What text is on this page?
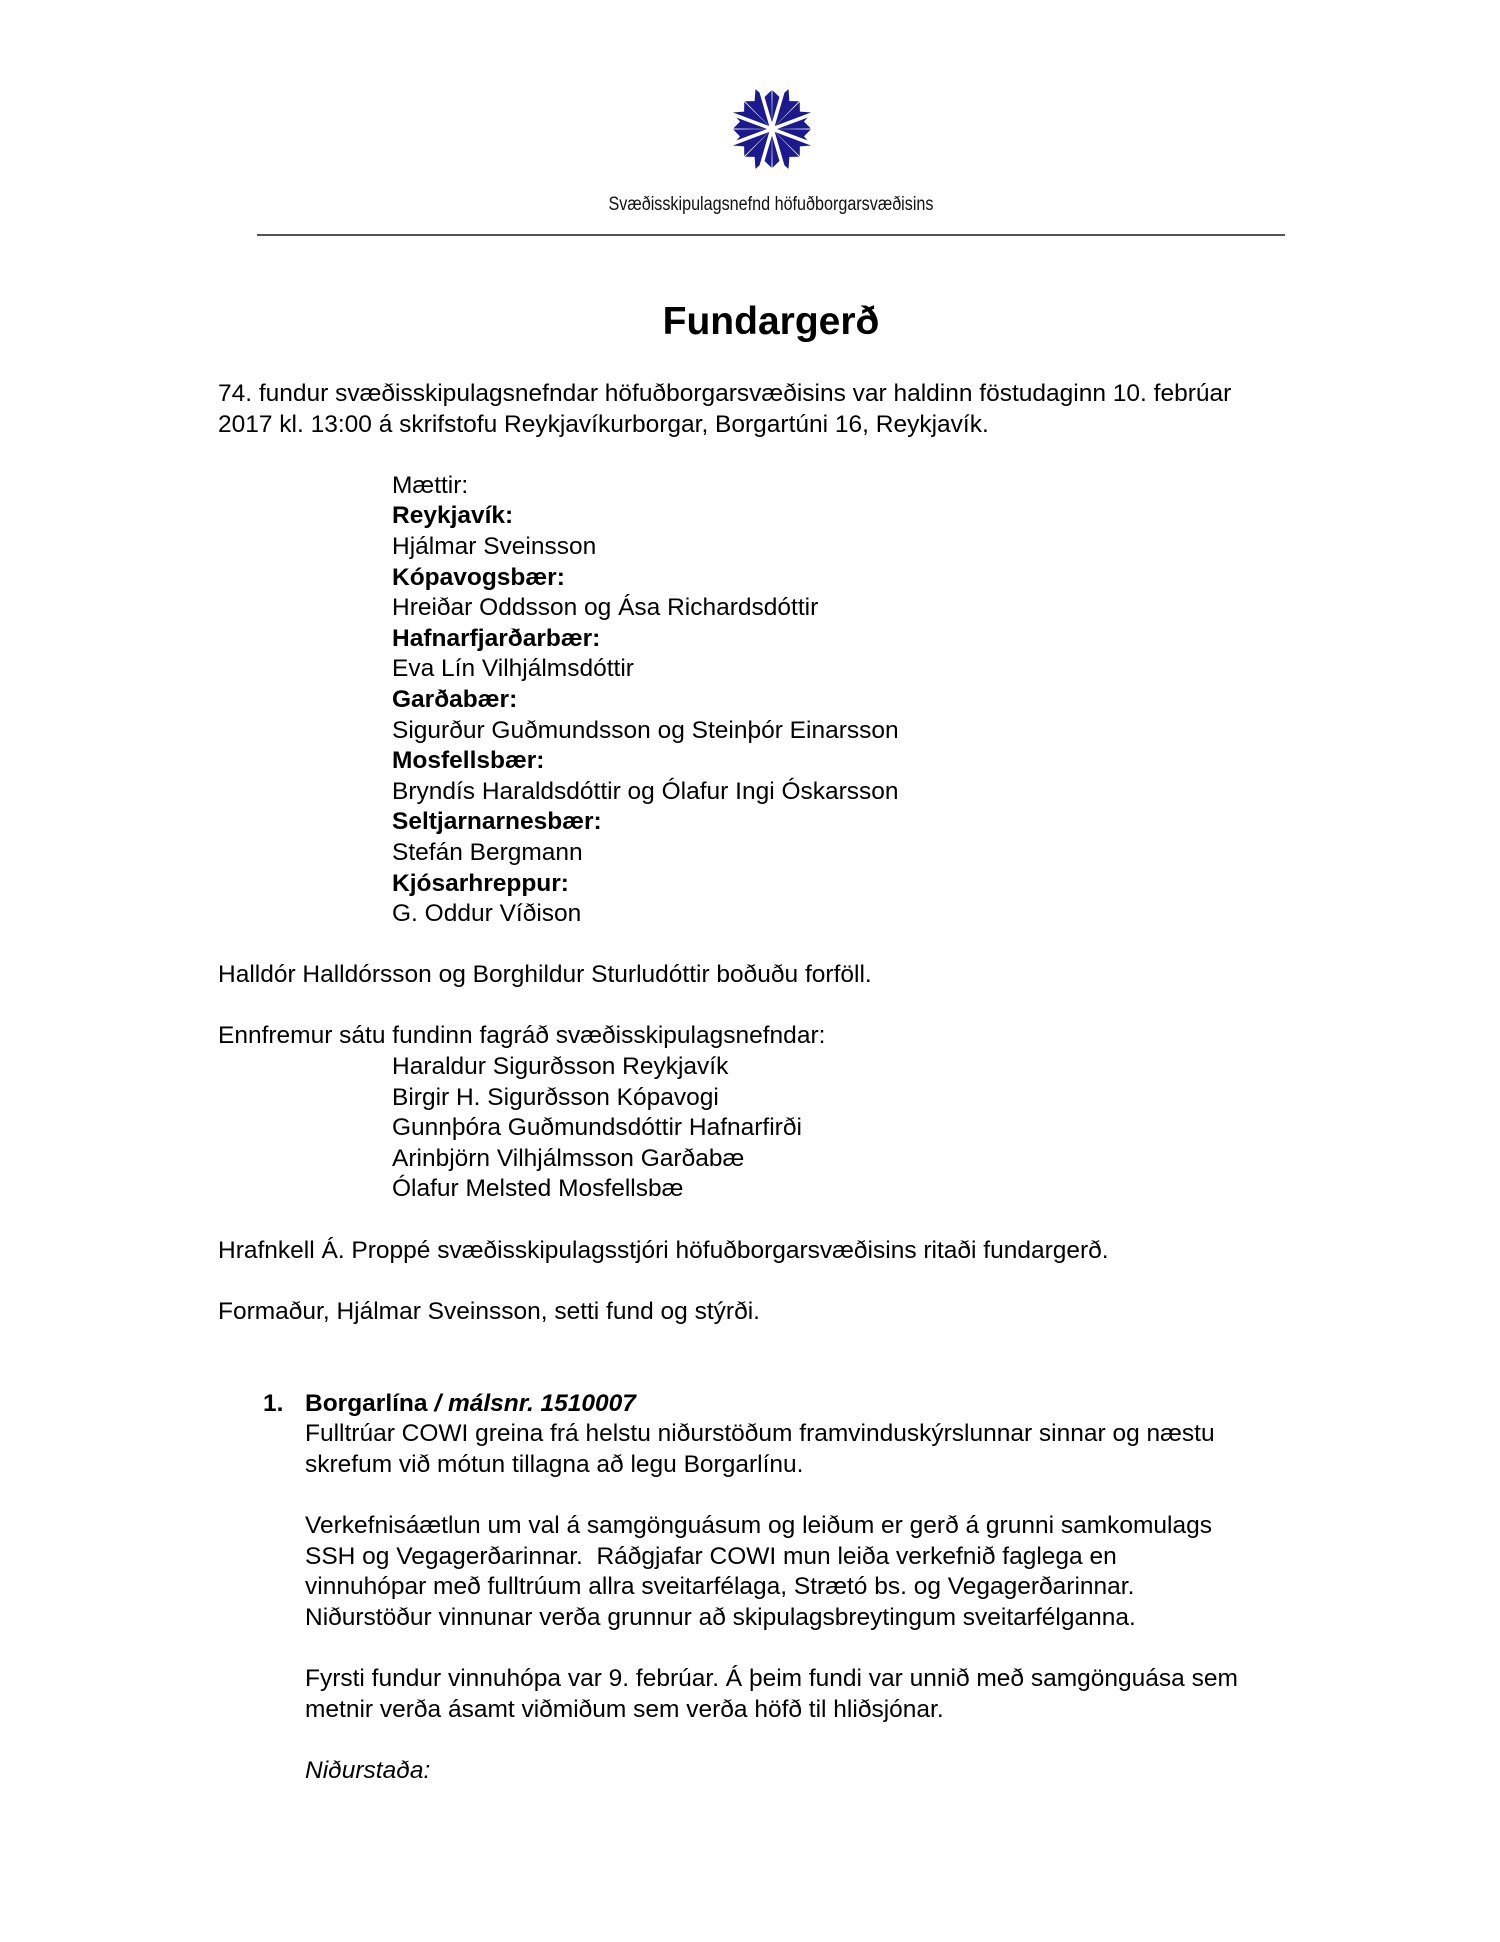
Svæðisskipulagsnefnd höfuðborgarsvæðisins
Fundargerð
74. fundur svæðisskipulagsnefndar höfuðborgarsvæðisins var haldinn föstudaginn 10. febrúar
2017 kl. 13:00 á skrifstofu Reykjavíkurborgar, Borgartúni 16, Reykjavík.
Mættir:
Reykjavík:
Hjálmar Sveinsson
Kópavogsbær:
Hreiðar Oddsson og Ása Richardsdóttir
Hafnarfjarðarbær:
Eva Lín Vilhjálmsdóttir
Garðabær:
Sigurður Guðmundsson og Steinþór Einarsson
Mosfellsbær:
Bryndís Haraldsdóttir og Ólafur Ingi Óskarsson
Seltjarnarnesbær:
Stefán Bergmann
Kjósarhreppur:
G. Oddur Víðison
Halldór Halldórsson og Borghildur Sturludóttir boðuðu forföll.
Ennfremur sátu fundinn fagráð svæðisskipulagsnefndar:
Haraldur Sigurðsson Reykjavík
Birgir H. Sigurðsson Kópavogi
Gunnþóra Guðmundsdóttir Hafnarfirði
Arinbjörn Vilhjálmsson Garðabæ
Ólafur Melsted Mosfellsbæ
Hrafnkell Á. Proppé svæðisskipulagsstjóri höfuðborgarsvæðisins ritaði fundargerð.
Formaður, Hjálmar Sveinsson, setti fund og stýrði.
1. Borgarlína / málsnr. 1510007
Fulltrúar COWI greina frá helstu niðurstöðum framvinduskýrslunnar sinnar og næstu
skrefum við mótun tillagna að legu Borgarlínu.
Verkefnisáætlun um val á samgönguásum og leiðum er gerð á grunni samkomulags
SSH og Vegagerðarinnar.  Ráðgjafar COWI mun leiða verkefnið faglega en
vinnuhópar með fulltrúum allra sveitarfélaga, Strætó bs. og Vegagerðarinnar.
Niðurstöður vinnunar verða grunnur að skipulagsbreytingum sveitarfélganna.
Fyrsti fundur vinnuhópa var 9. febrúar. Á þeim fundi var unnið með samgönguása sem
metnir verða ásamt viðmiðum sem verða höfð til hliðsjónar.
Niðurstaða:
